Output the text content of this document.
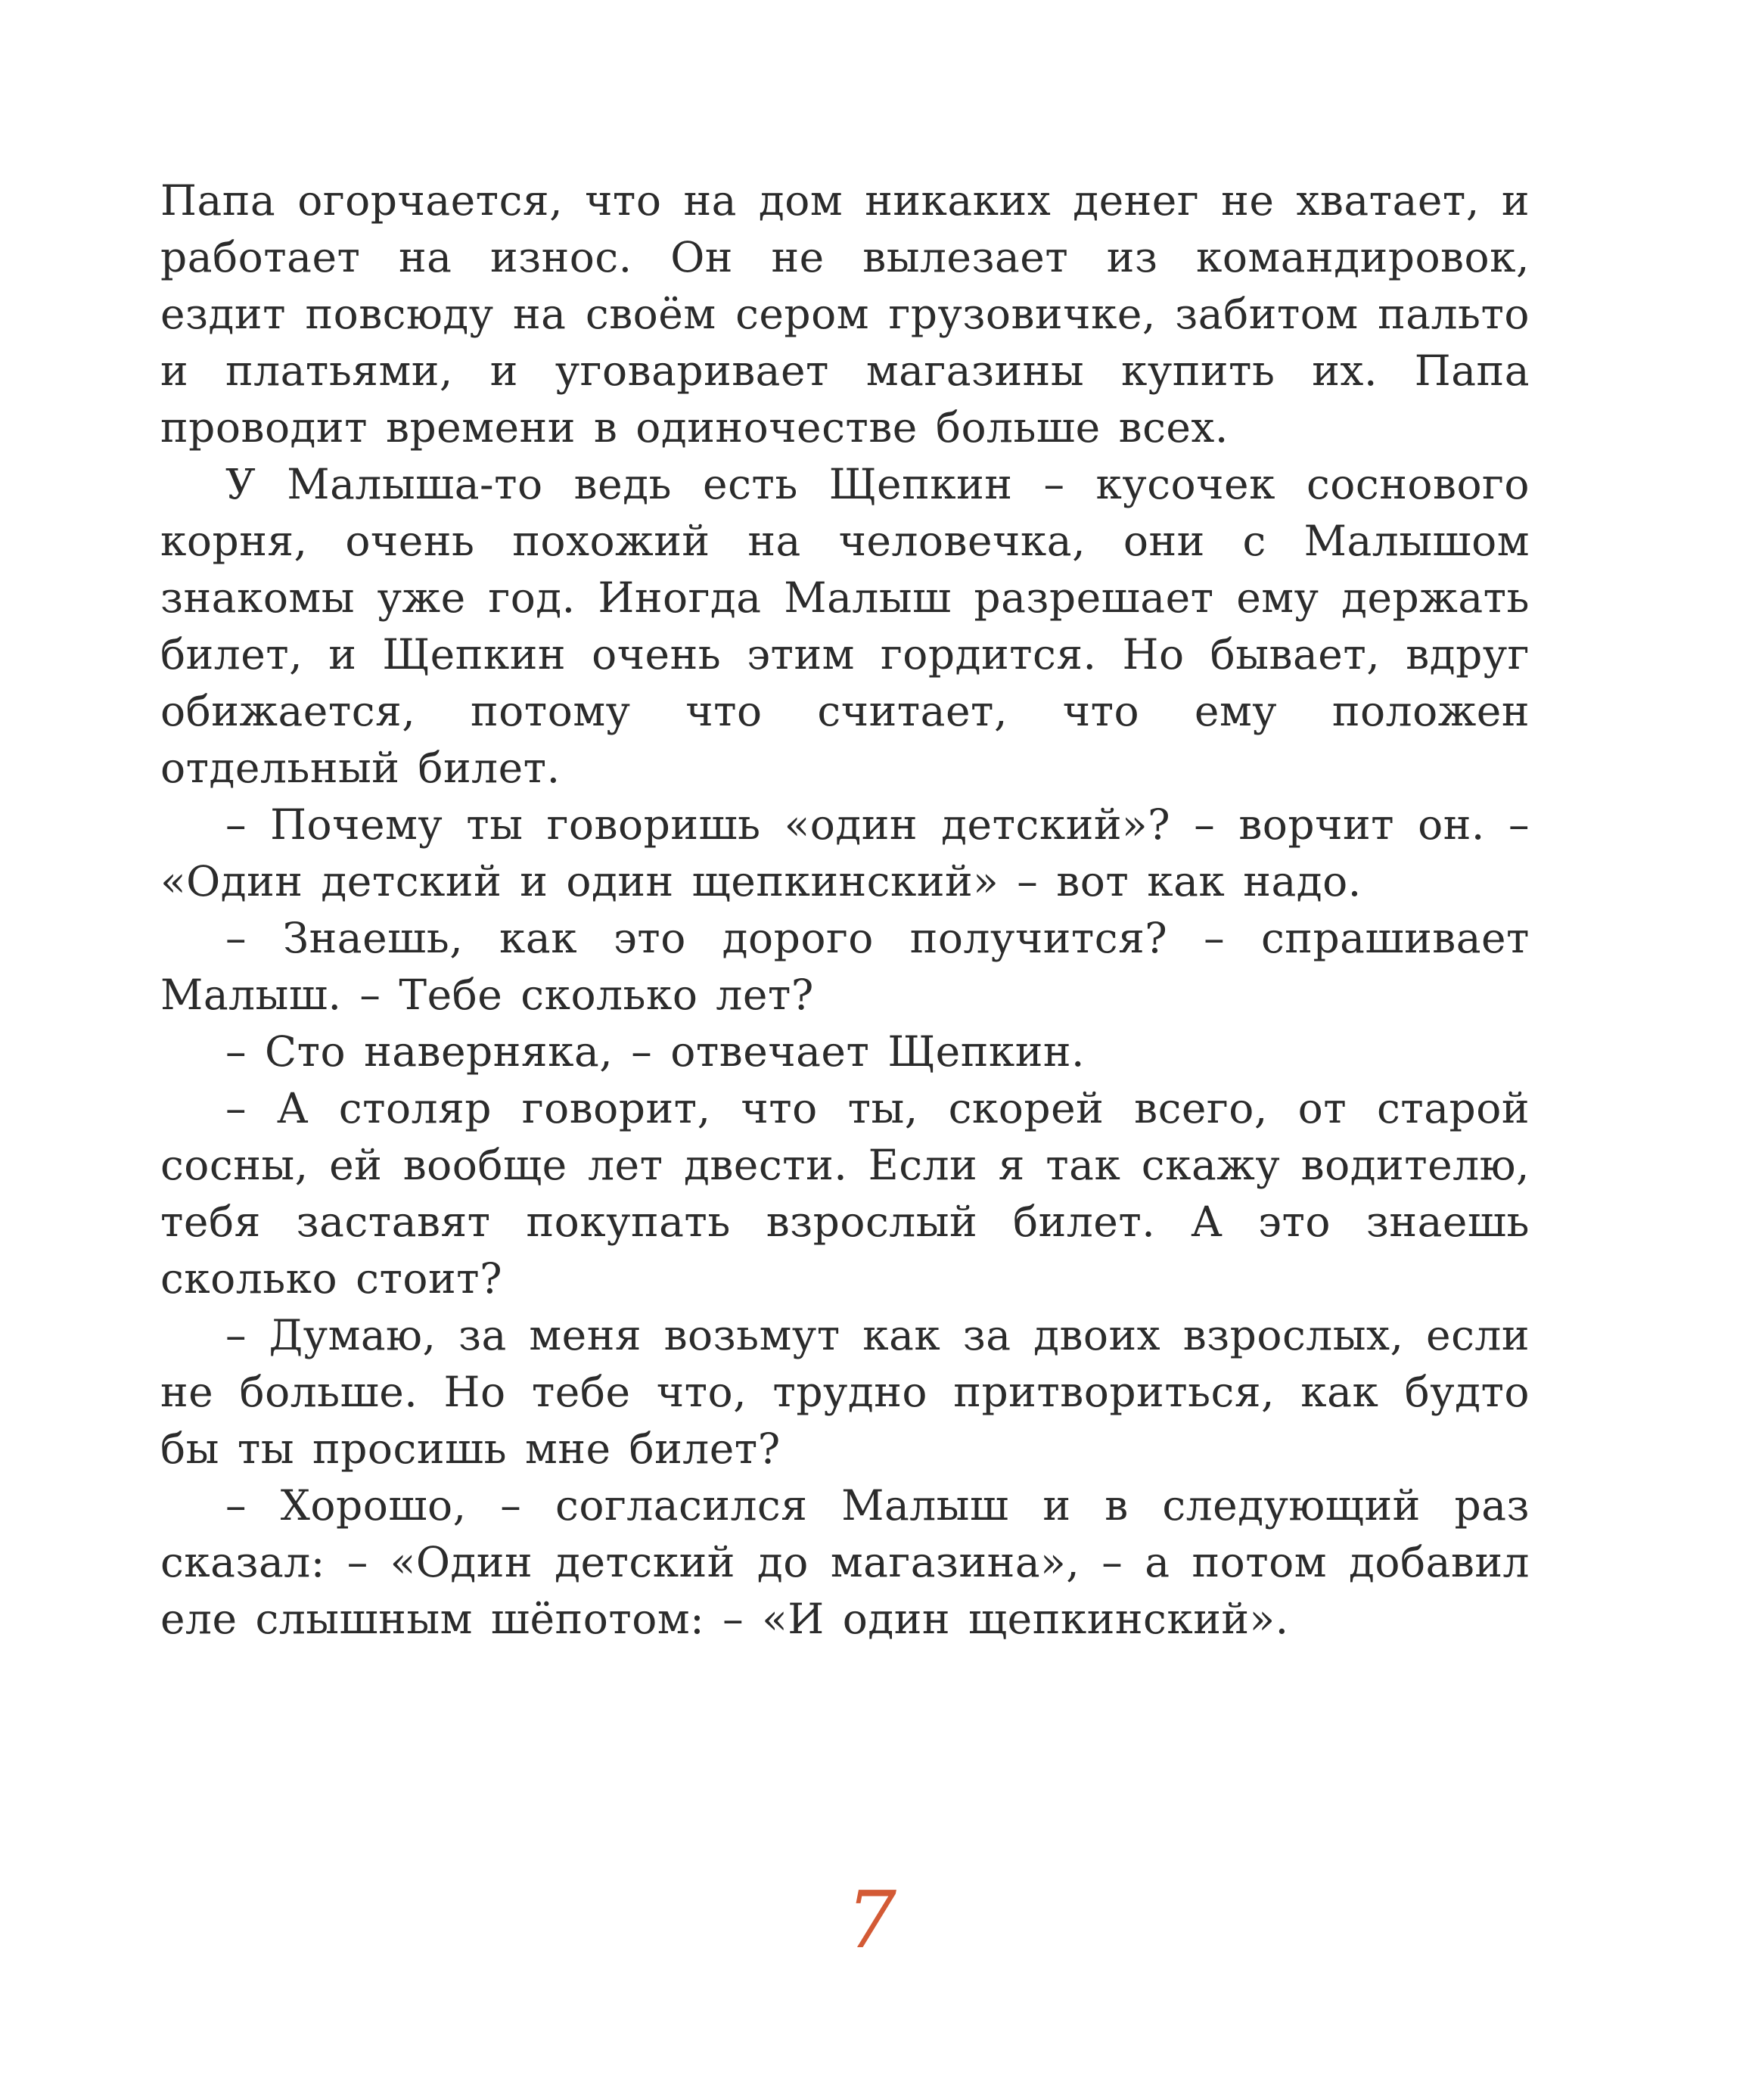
Папа огорчается, что на дом никаких денег не хватает, и работает на износ. Он не вылезает из командировок, ездит повсюду на своём сером грузовичке, забитом пальто и платьями, и уговаривает магазины купить их. Папа проводит времени в одиночестве больше всех.

У Малыша-то ведь есть Щепкин – кусочек соснового корня, очень похожий на человечка, они с Малышом знакомы уже год. Иногда Малыш разрешает ему держать билет, и Щепкин очень этим гордится. Но бывает, вдруг обижается, потому что считает, что ему положен отдельный билет.

– Почему ты говоришь «один детский»? – ворчит он. – «Один детский и один щепкинский» – вот как надо.

– Знаешь, как это дорого получится? – спрашивает Малыш. – Тебе сколько лет?

– Сто наверняка, – отвечает Щепкин.

– А столяр говорит, что ты, скорей всего, от старой сосны, ей вообще лет двести. Если я так скажу водителю, тебя заставят покупать взрослый билет. А это знаешь сколько стоит?

– Думаю, за меня возьмут как за двоих взрослых, если не больше. Но тебе что, трудно притвориться, как будто бы ты просишь мне билет?

– Хорошо, – согласился Малыш и в следующий раз сказал: – «Один детский до магазина», – а потом добавил еле слышным шёпотом: – «И один щепкинский».

7
